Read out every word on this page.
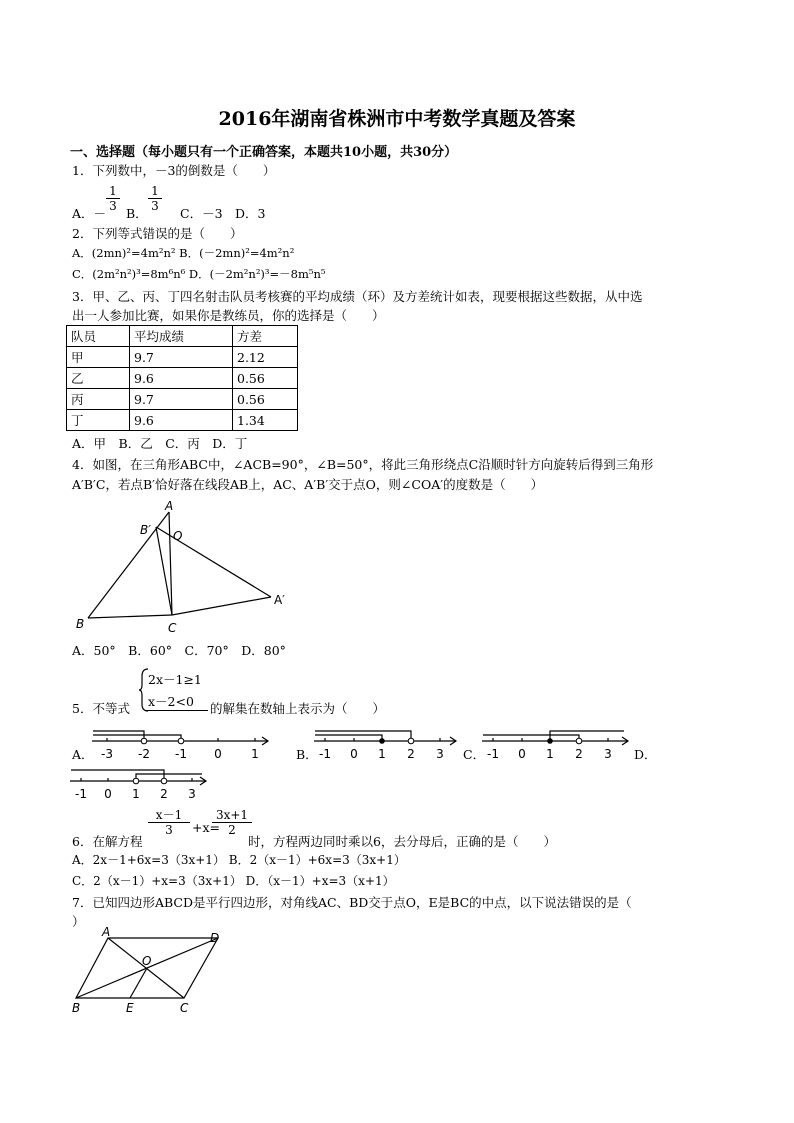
2016年湖南省株洲市中考数学真题及答案
一、选择题（每小题只有一个正确答案，本题共10小题，共30分）
1．下列数中，－3的倒数是（　　）
A．－
$\frac{1}{3}$
B．
$\frac{1}{3}$
C．－3　D．3
2．下列等式错误的是（　　）
A．(2mn)²=4m²n² B．(－2mn)²=4m²n²
C．(2m²n²)³=8m⁶n⁶ D．(－2m²n²)³=－8m⁵n⁵
3．甲、乙、丙、丁四名射击队员考核赛的平均成绩（环）及方差统计如表，现要根据这些数据，从中选
出一人参加比赛，如果你是教练员，你的选择是（　　）
队员	平均成绩	方差
甲	9.7	2.12
乙	9.6	0.56
丙	9.7	0.56
丁	9.6	1.34
A．甲　B．乙　C．丙　D．丁
4．如图，在三角形ABC中，∠ACB=90°，∠B=50°，将此三角形绕点C沿顺时针方向旋转后得到三角形
A′B′C，若点B′恰好落在线段AB上，AC、A′B′交于点O，则∠COA′的度数是（　　）
A
B	C
B′ O
A′
A．50°　B．60°　C．70°　D．80°
2x－1≥1
x－2<0
5．不等式	的解集在数轴上表示为（　　）
A． -3 -2 -1 0 1	B． -1 0 1 2 3 C． -1 0 1 2 3 D．
-1 0 1 2 3
6．在解方程
$\frac{x-1}{3} +x=$
$\frac{3x+1}{2}$
时，方程两边同时乘以6，去分母后，正确的是（　　）
A．2x－1+6x=3（3x+1） B．2（x－1）+6x=3（3x+1）
C．2（x－1）+x=3（3x+1） D．（x－1）+x=3（x+1）
7．已知四边形ABCD是平行四边形，对角线AC、BD交于点O，E是BC的中点，以下说法错误的是（
）
A	D
B	C
E
O
